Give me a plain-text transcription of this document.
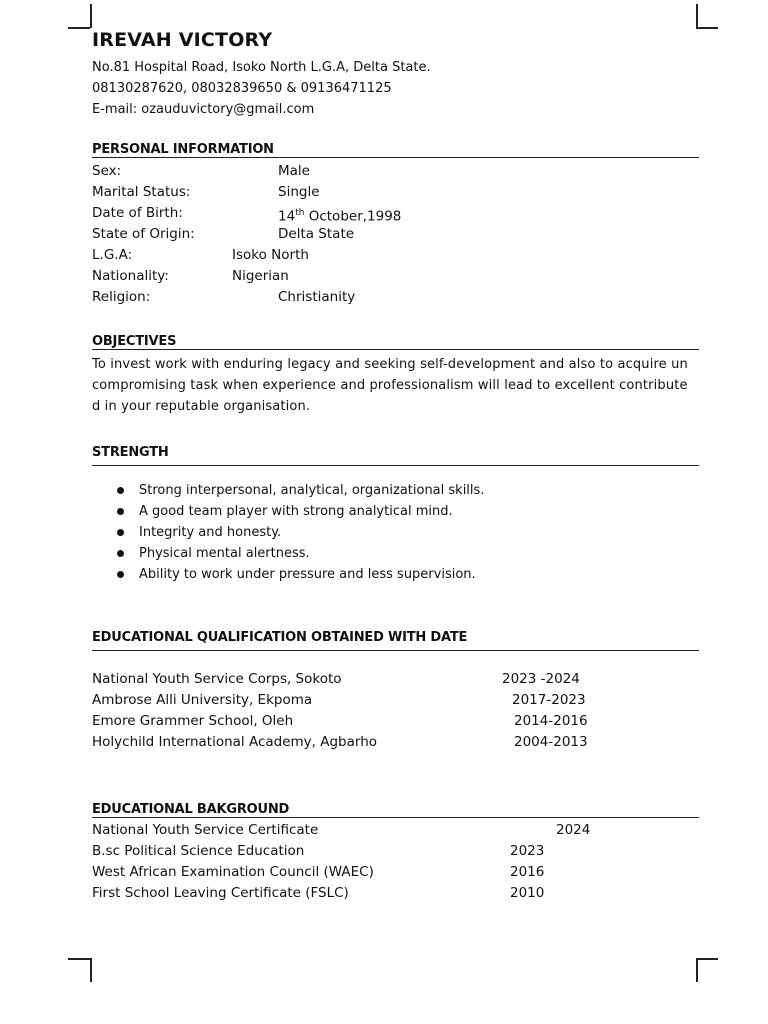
IREVAH VICTORY
No.81 Hospital Road, Isoko North L.G.A, Delta State.
08130287620, 08032839650 & 09136471125
E-mail: ozauduvictory@gmail.com
PERSONAL INFORMATION
Sex:	Male
Marital Status:	Single
Date of Birth:	14th October,1998
State of Origin:	Delta State
L.G.A:	Isoko North
Nationality:	Nigerian
Religion:	Christianity
OBJECTIVES
To invest work with enduring legacy and seeking self-development and also to acquire un
compromising task when experience and professionalism will lead to excellent contribute
d in your reputable organisation.
STRENGTH
Strong interpersonal, analytical, organizational skills.
A good team player with strong analytical mind.
Integrity and honesty.
Physical mental alertness.
Ability to work under pressure and less supervision.
EDUCATIONAL QUALIFICATION OBTAINED WITH DATE
National Youth Service Corps, Sokoto	2023 -2024
Ambrose Alli University, Ekpoma	2017-2023
Emore Grammer School, Oleh	2014-2016
Holychild International Academy, Agbarho	2004-2013
EDUCATIONAL BAKGROUND
National Youth Service Certificate	2024
B.sc Political Science Education	2023
West African Examination Council (WAEC)	2016
First School Leaving Certificate (FSLC)	2010
